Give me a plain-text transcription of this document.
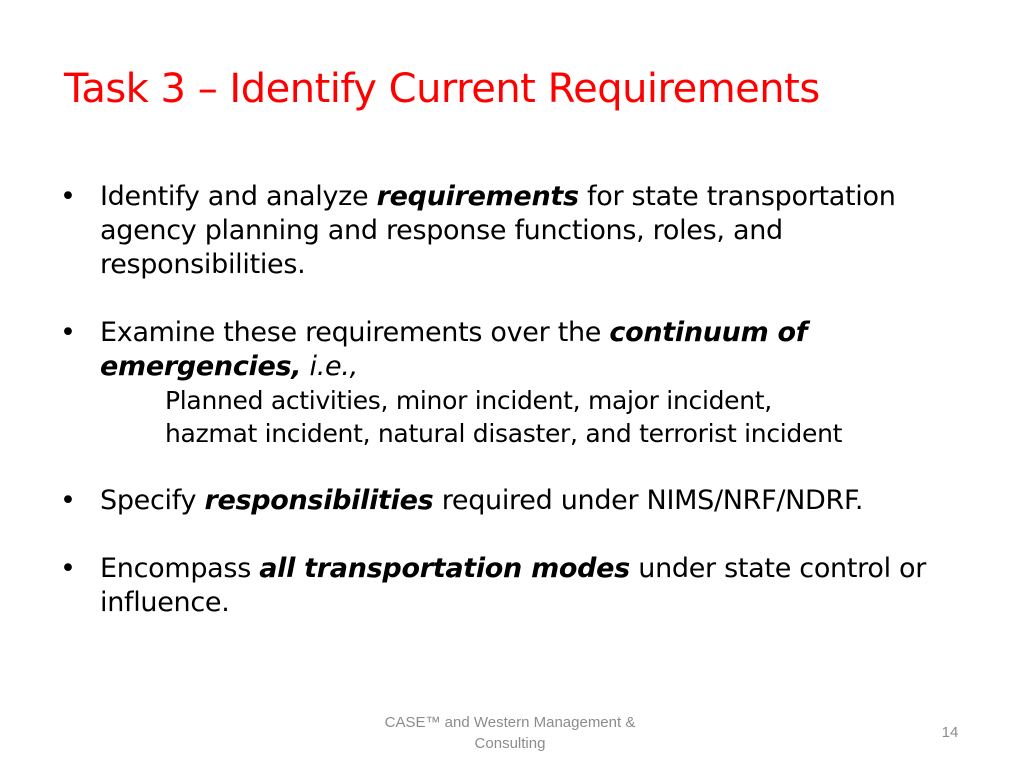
Task 3 – Identify Current Requirements
• Identify and analyze requirements for state transportation agency planning and response functions, roles, and responsibilities.
• Examine these requirements over the continuum of emergencies, i.e.,
Planned activities, minor incident, major incident,
hazmat incident, natural disaster, and terrorist incident
• Specify responsibilities required under NIMS/NRF/NDRF.
• Encompass all transportation modes under state control or influence.
CASE™ and Western Management &
Consulting
14
